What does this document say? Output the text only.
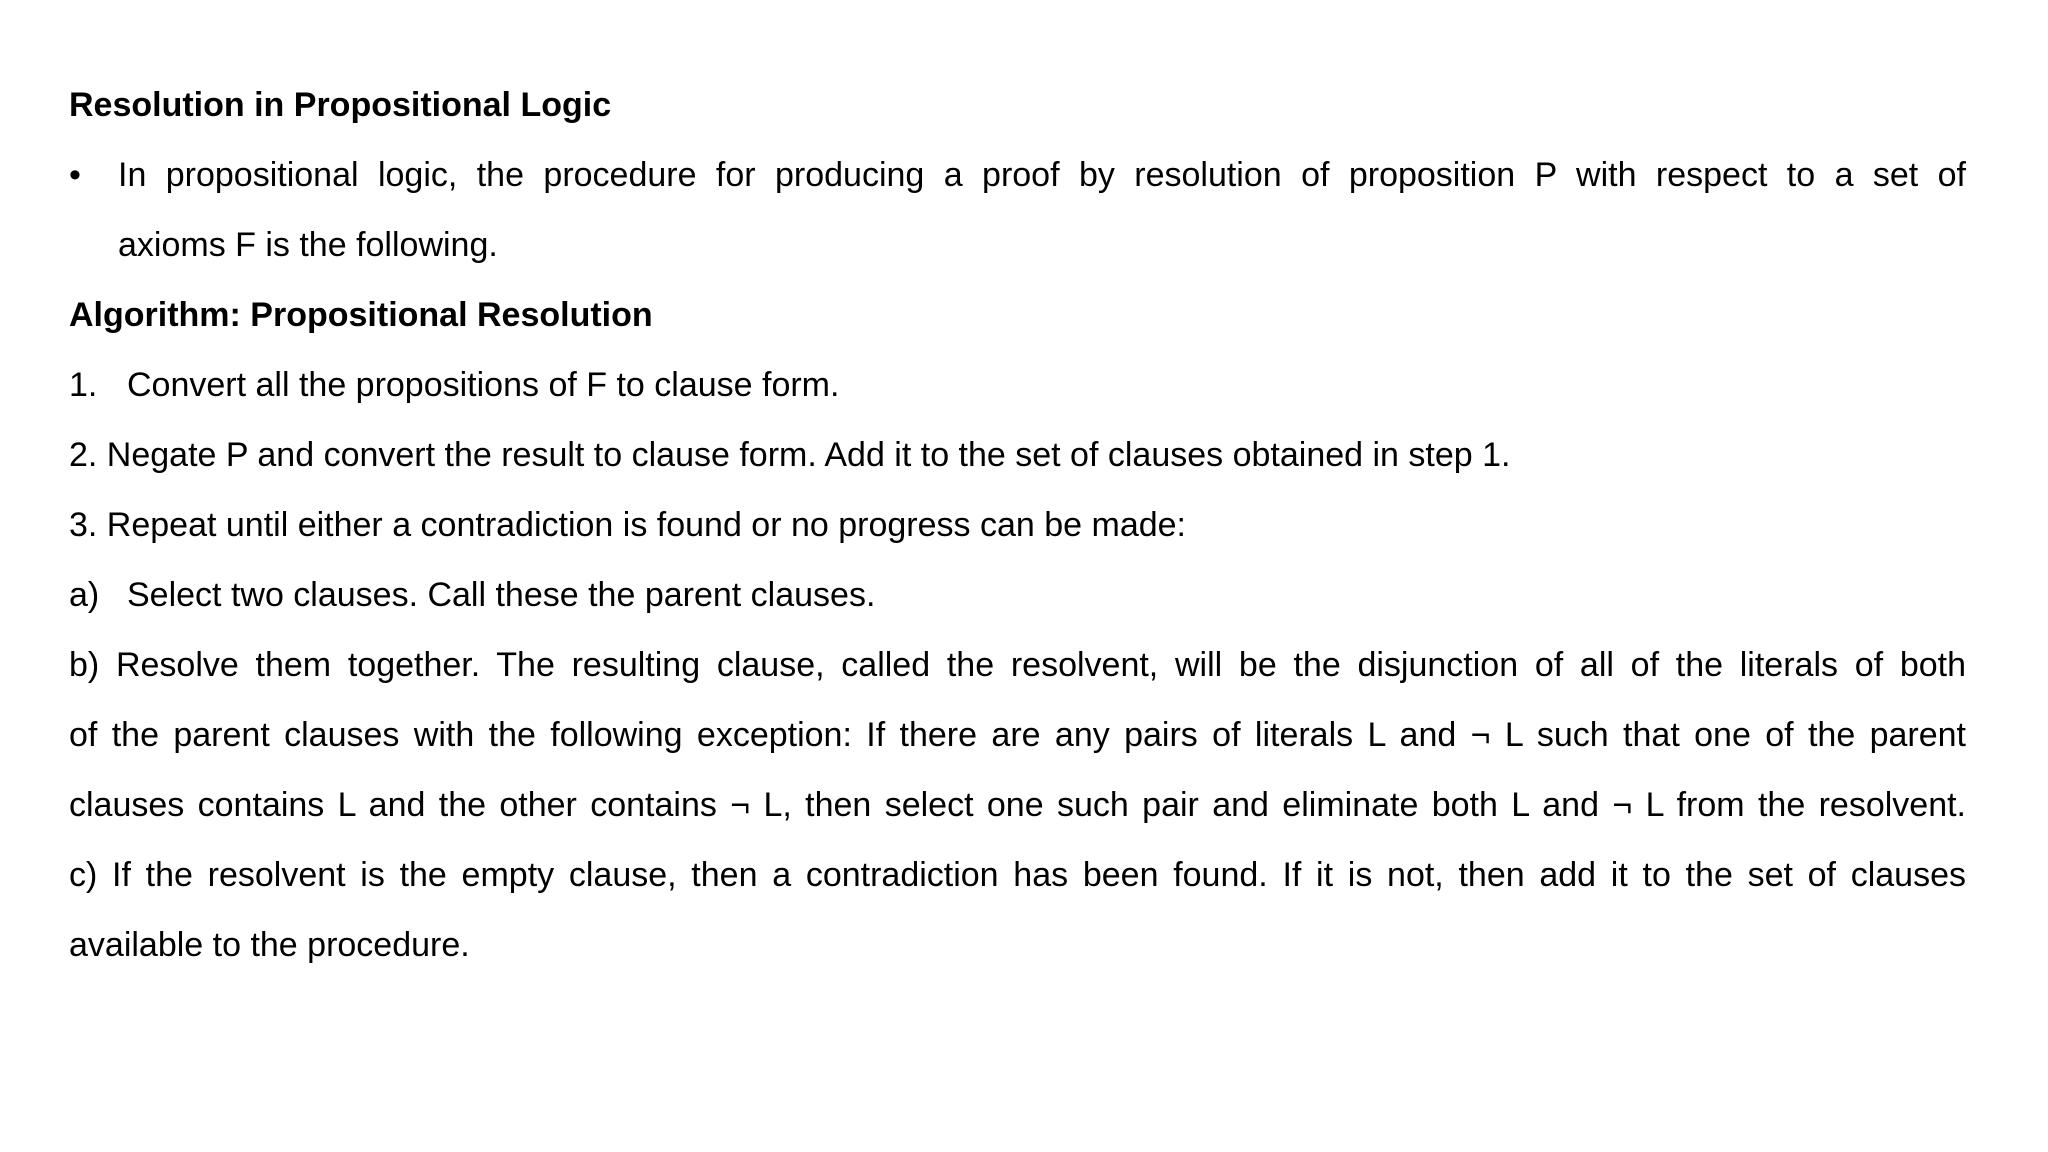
Resolution in Propositional Logic
•	In propositional logic, the procedure for producing a proof by resolution of proposition P with respect to a set of
axioms F is the following.
Algorithm: Propositional Resolution
1. Convert all the propositions of F to clause form.
2. Negate P and convert the result to clause form. Add it to the set of clauses obtained in step 1.
3. Repeat until either a contradiction is found or no progress can be made:
a) Select two clauses. Call these the parent clauses.
b) Resolve them together. The resulting clause, called the resolvent, will be the disjunction of all of the literals of both
of the parent clauses with the following exception: If there are any pairs of literals L and ¬ L such that one of the parent
clauses contains L and the other contains ¬ L, then select one such pair and eliminate both L and ¬ L from the resolvent.
c) If the resolvent is the empty clause, then a contradiction has been found. If it is not, then add it to the set of clauses
available to the procedure.
